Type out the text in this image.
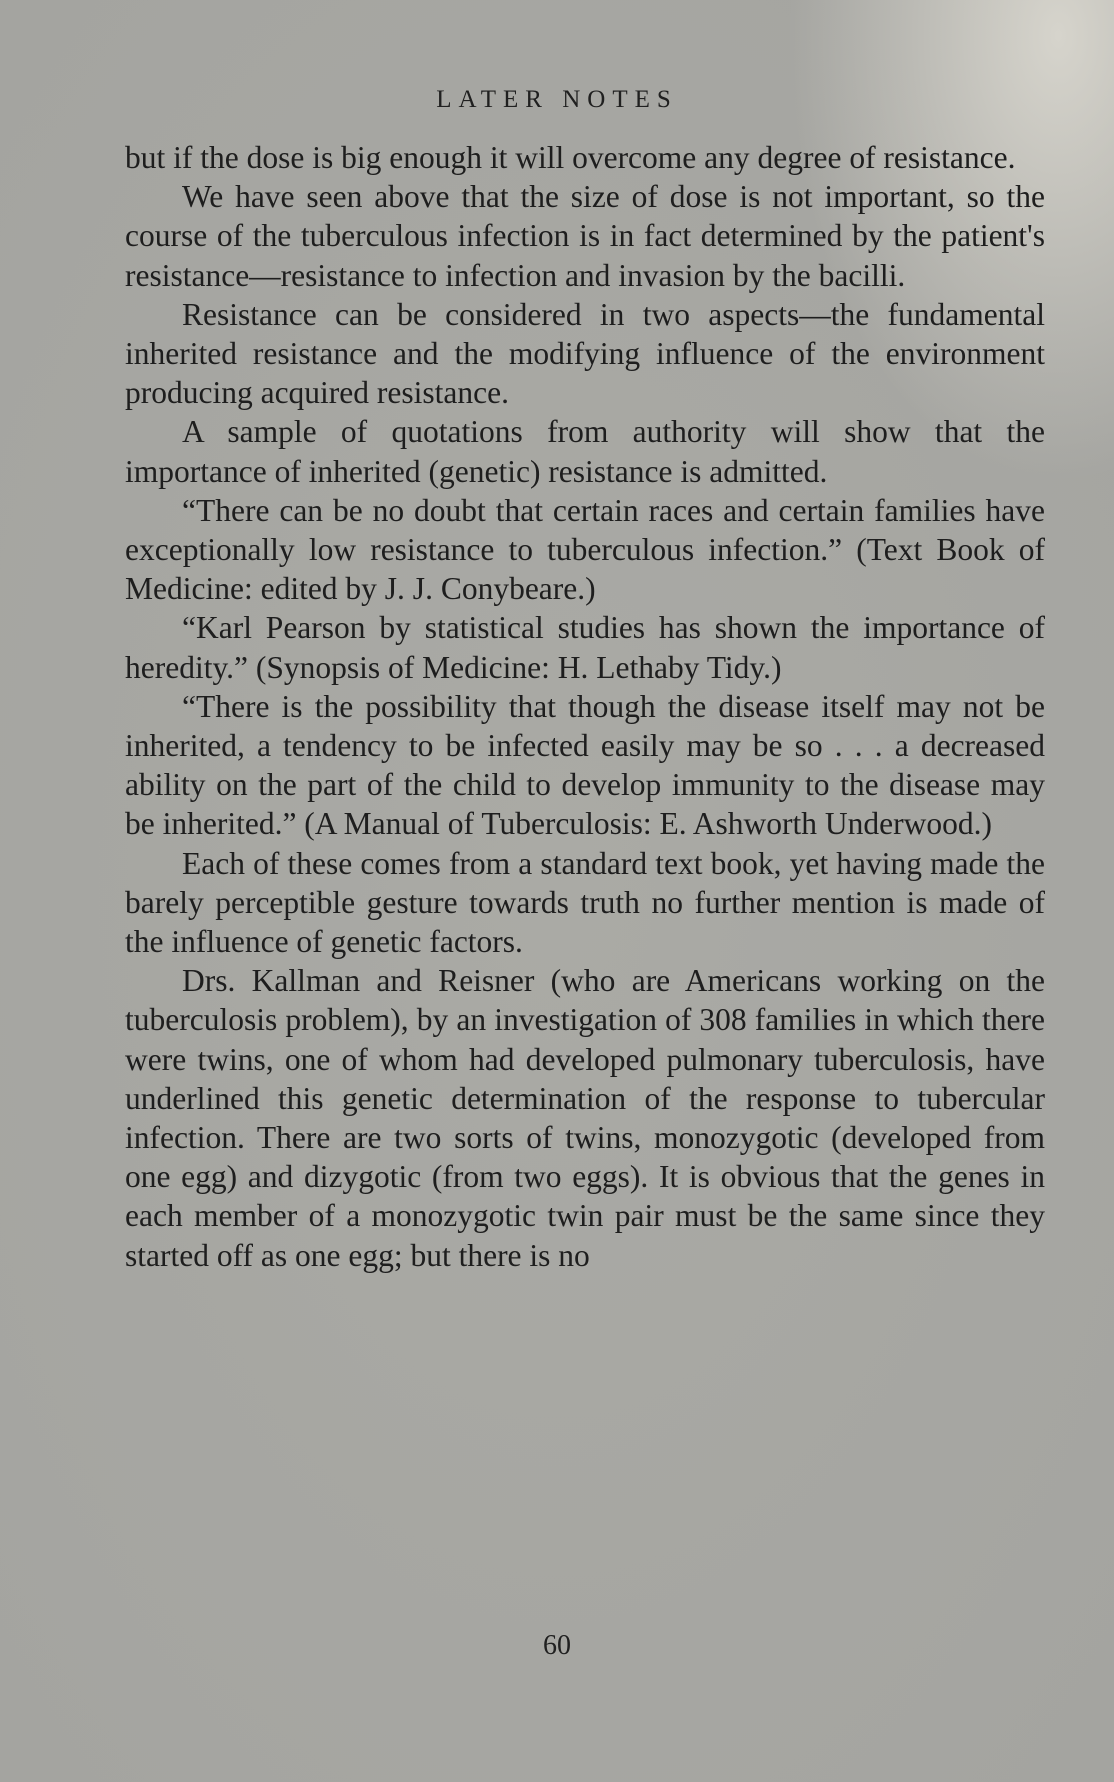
LATER NOTES

but if the dose is big enough it will overcome any degree of resistance.

We have seen above that the size of dose is not important, so the course of the tuberculous infection is in fact determined by the patient's resistance—resistance to infection and invasion by the bacilli.

Resistance can be considered in two aspects—the fundamental inherited resistance and the modifying influence of the environment producing acquired resistance.

A sample of quotations from authority will show that the importance of inherited (genetic) resistance is admitted.

“There can be no doubt that certain races and certain families have exceptionally low resistance to tuberculous infection.” (Text Book of Medicine: edited by J. J. Conybeare.)

“Karl Pearson by statistical studies has shown the importance of heredity.” (Synopsis of Medicine: H. Lethaby Tidy.)

“There is the possibility that though the disease itself may not be inherited, a tendency to be infected easily may be so . . . a decreased ability on the part of the child to develop immunity to the disease may be inherited.” (A Manual of Tuberculosis: E. Ashworth Underwood.)

Each of these comes from a standard text book, yet having made the barely perceptible gesture towards truth no further mention is made of the influence of genetic factors.

Drs. Kallman and Reisner (who are Americans working on the tuberculosis problem), by an investigation of 308 families in which there were twins, one of whom had developed pulmonary tuberculosis, have underlined this genetic determination of the response to tubercular infection. There are two sorts of twins, monozygotic (developed from one egg) and dizygotic (from two eggs). It is obvious that the genes in each member of a monozygotic twin pair must be the same since they started off as one egg; but there is no

60
